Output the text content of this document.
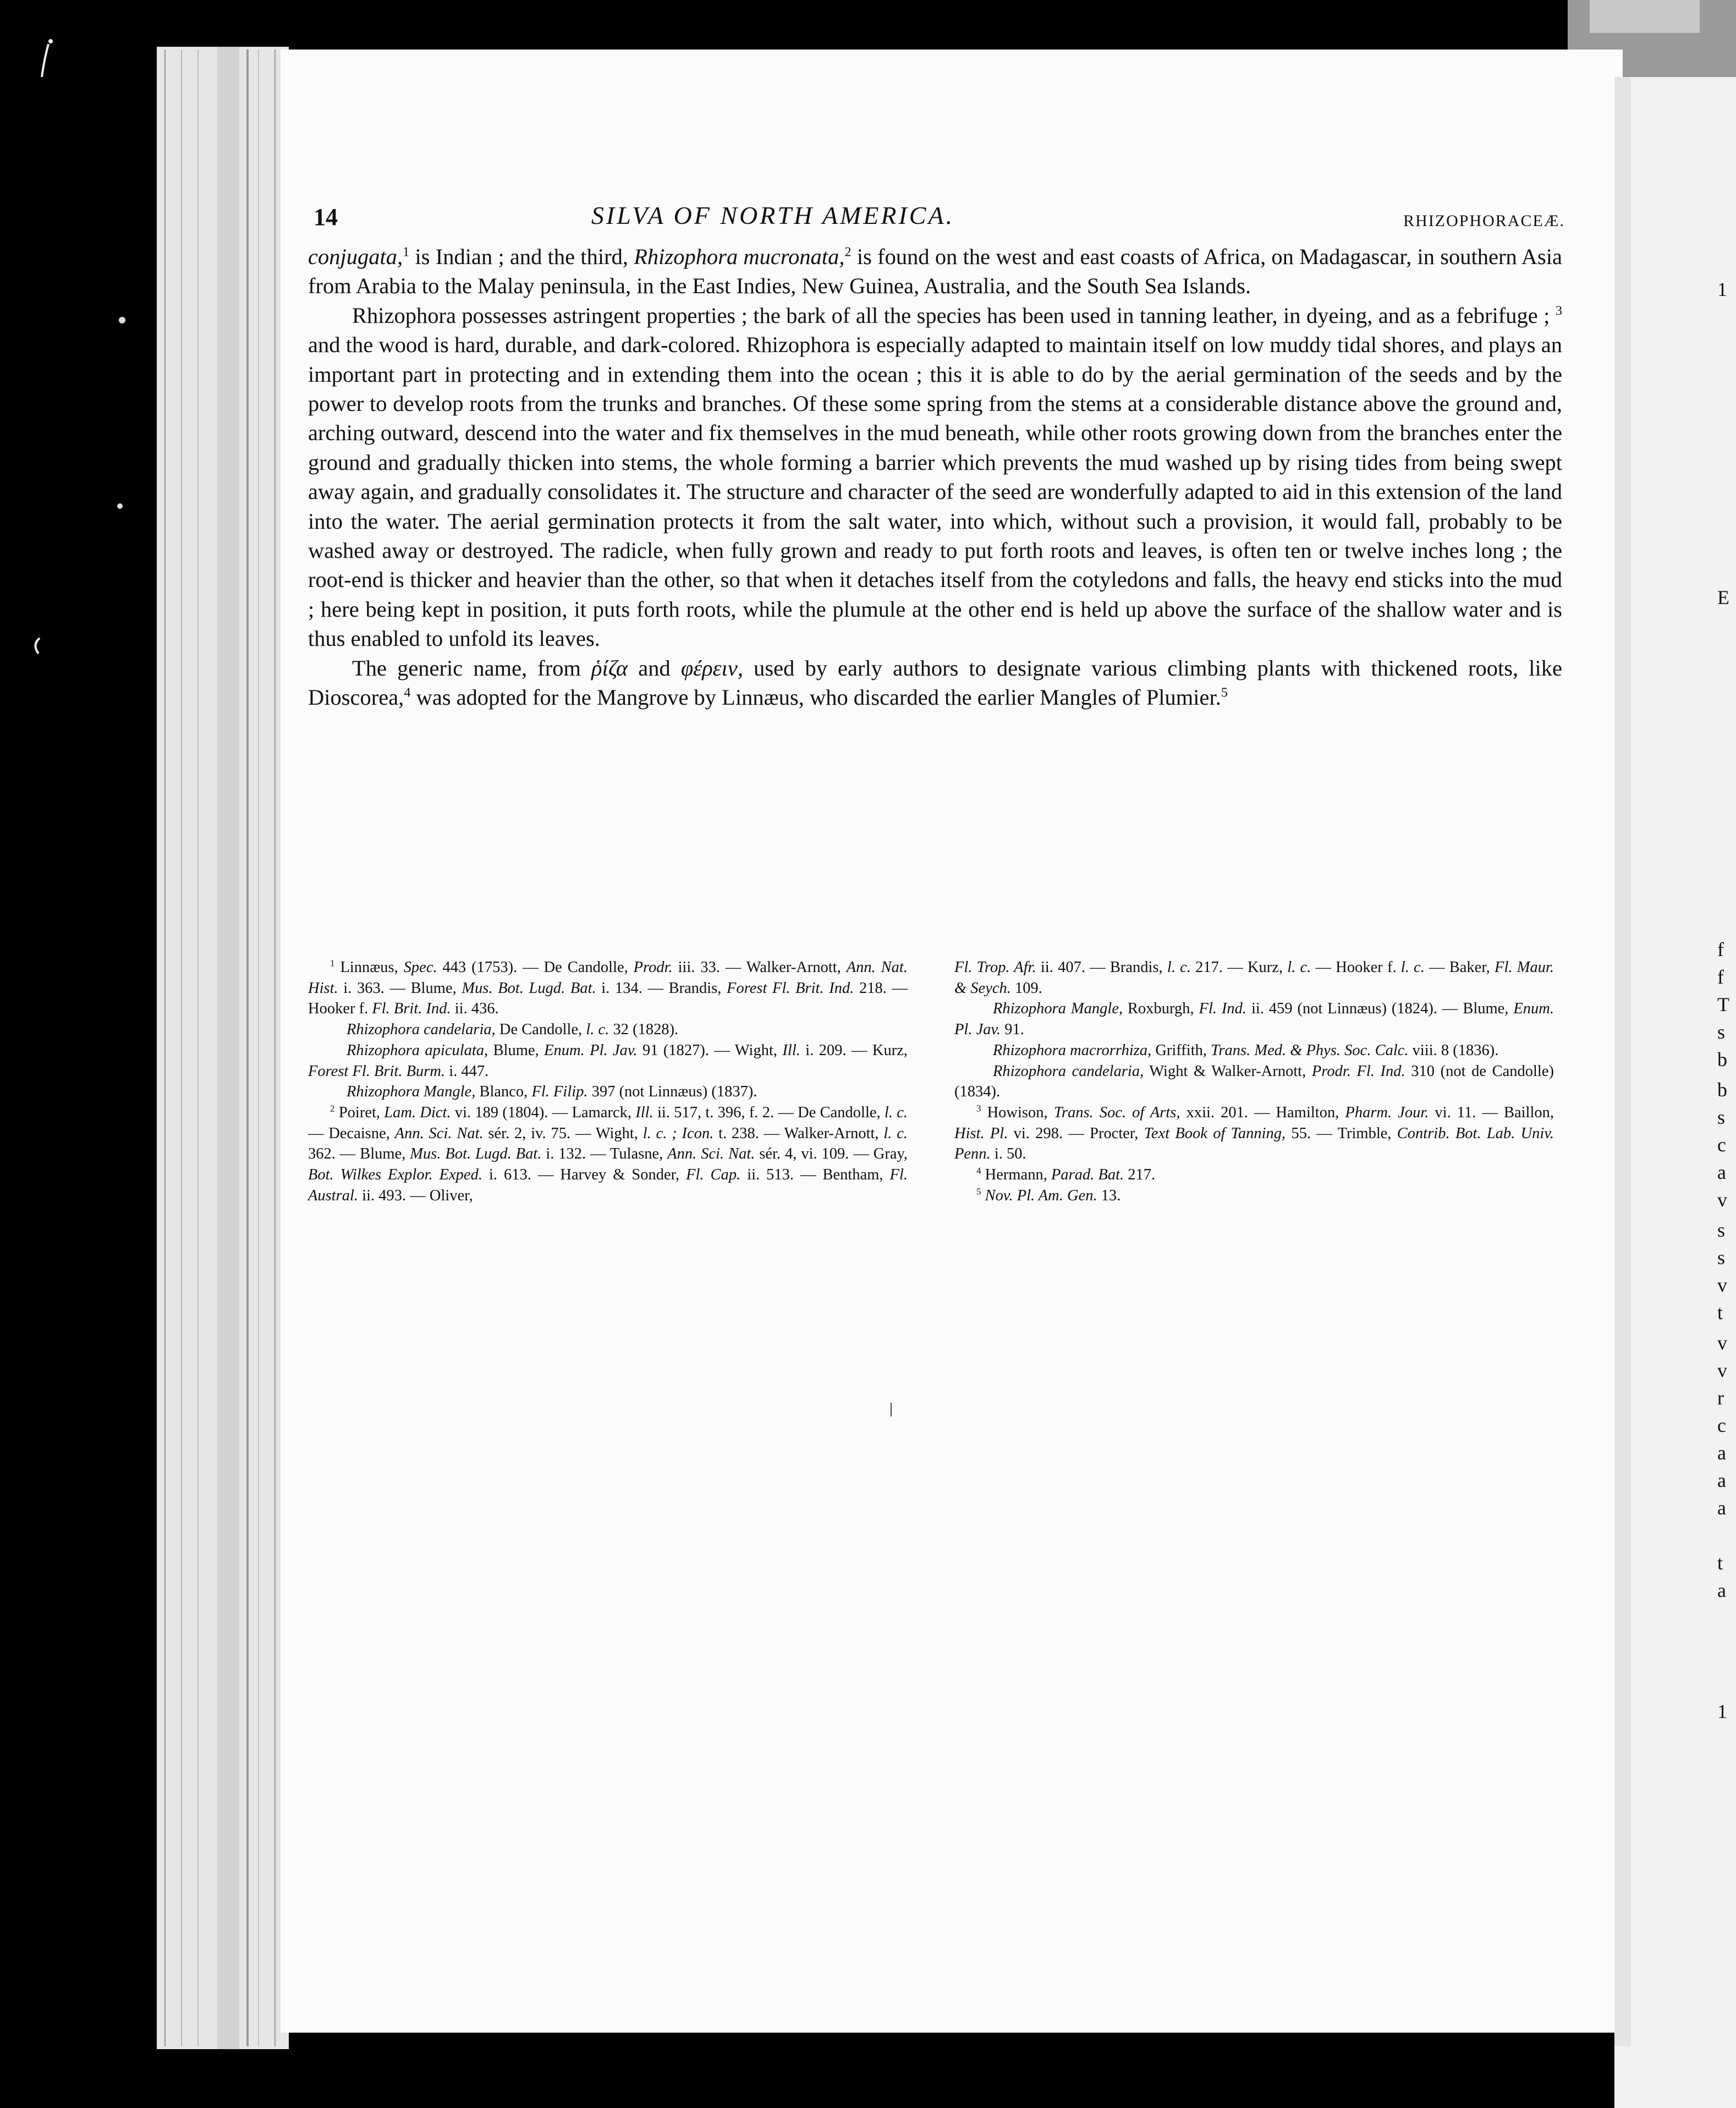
14	SILVA OF NORTH AMERICA.	RHIZOPHORACEÆ.

conjugata,$^1$ is Indian ; and the third, Rhizophora mucronata,$^2$ is found on the west and east coasts of Africa, on Madagascar, in southern Asia from Arabia to the Malay peninsula, in the East Indies, New Guinea, Australia, and the South Sea Islands.

Rhizophora possesses astringent properties ; the bark of all the species has been used in tanning leather, in dyeing, and as a febrifuge ; $^3$ and the wood is hard, durable, and dark-colored. Rhizophora is especially adapted to maintain itself on low muddy tidal shores, and plays an important part in protecting and in extending them into the ocean ; this it is able to do by the aerial germination of the seeds and by the power to develop roots from the trunks and branches. Of these some spring from the stems at a considerable distance above the ground and, arching outward, descend into the water and fix themselves in the mud beneath, while other roots growing down from the branches enter the ground and gradually thicken into stems, the whole forming a barrier which prevents the mud washed up by rising tides from being swept away again, and gradually consolidates it. The structure and character of the seed are wonderfully adapted to aid in this extension of the land into the water. The aerial germination protects it from the salt water, into which, without such a provision, it would fall, probably to be washed away or destroyed. The radicle, when fully grown and ready to put forth roots and leaves, is often ten or twelve inches long ; the root-end is thicker and heavier than the other, so that when it detaches itself from the cotyledons and falls, the heavy end sticks into the mud ; here being kept in position, it puts forth roots, while the plumule at the other end is held up above the surface of the shallow water and is thus enabled to unfold its leaves.

The generic name, from ῥίζα and φέρειν, used by early authors to designate various climbing plants with thickened roots, like Dioscorea,$^4$ was adopted for the Mangrove by Linnæus, who discarded the earlier Mangles of Plumier.$^5$

$^1$ Linnæus, Spec. 443 (1753). — De Candolle, Prodr. iii. 33. — Walker-Arnott, Ann. Nat. Hist. i. 363. — Blume, Mus. Bot. Lugd. Bat. i. 134. — Brandis, Forest Fl. Brit. Ind. 218. — Hooker f. Fl. Brit. Ind. ii. 436.

Rhizophora candelaria, De Candolle, l. c. 32 (1828).

Rhizophora apiculata, Blume, Enum. Pl. Jav. 91 (1827). — Wight, Ill. i. 209. — Kurz, Forest Fl. Brit. Burm. i. 447.

Rhizophora Mangle, Blanco, Fl. Filip. 397 (not Linnæus) (1837).

$^2$ Poiret, Lam. Dict. vi. 189 (1804). — Lamarck, Ill. ii. 517, t. 396, f. 2. — De Candolle, l. c. — Decaisne, Ann. Sci. Nat. sér. 2, iv. 75. — Wight, l. c. ; Icon. t. 238. — Walker-Arnott, l. c. 362. — Blume, Mus. Bot. Lugd. Bat. i. 132. — Tulasne, Ann. Sci. Nat. sér. 4, vi. 109. — Gray, Bot. Wilkes Explor. Exped. i. 613. — Harvey & Sonder, Fl. Cap. ii. 513. — Bentham, Fl. Austral. ii. 493. — Oliver,

Fl. Trop. Afr. ii. 407. — Brandis, l. c. 217. — Kurz, l. c. — Hooker f. l. c. — Baker, Fl. Maur. & Seych. 109.

Rhizophora Mangle, Roxburgh, Fl. Ind. ii. 459 (not Linnæus) (1824). — Blume, Enum. Pl. Jav. 91.

Rhizophora macrorrhiza, Griffith, Trans. Med. & Phys. Soc. Calc. viii. 8 (1836).

Rhizophora candelaria, Wight & Walker-Arnott, Prodr. Fl. Ind. 310 (not de Candolle) (1834).

$^3$ Howison, Trans. Soc. of Arts, xxii. 201. — Hamilton, Pharm. Jour. vi. 11. — Baillon, Hist. Pl. vi. 298. — Procter, Text Book of Tanning, 55. — Trimble, Contrib. Bot. Lab. Univ. Penn. i. 50.

$^4$ Hermann, Parad. Bat. 217.

$^5$ Nov. Pl. Am. Gen. 13.

1
E
f
f
T
s
b
b
s
c
a
v
s
s
v
t
v
v
r
c
a
a
a
t
a
1
